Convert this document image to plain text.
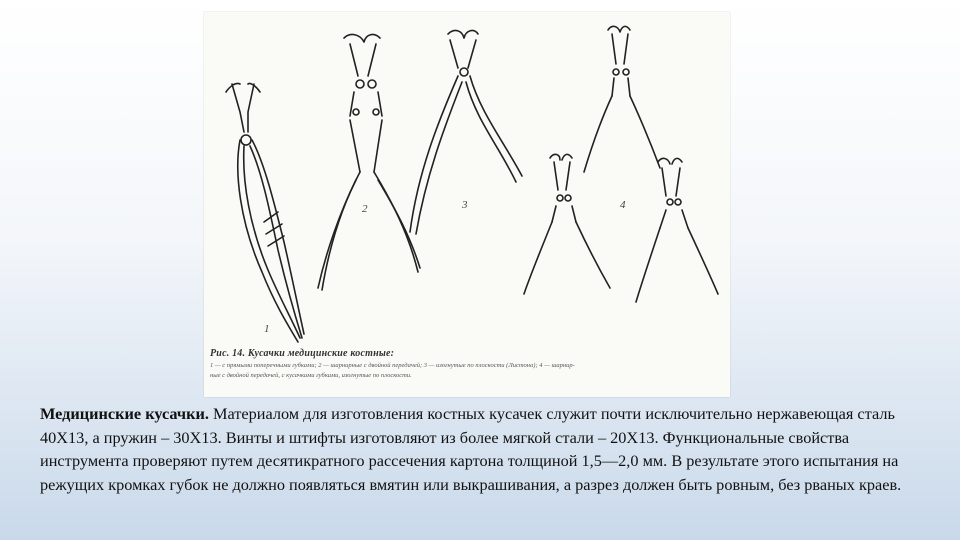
1
2	3	4
Рис. 14. Кусачки медицинские костные:
1 — с прямыми поперечными губками; 2 — шарнирные с двойной передачей; 3 — изогнутые по плоскости (Листона); 4 — шарнир-
ные с двойной передачей, с кусачками губками, изогнутые по плоскости.
Медицинские кусачки. Материалом для изготовления костных кусачек служит почти исключительно нержавеющая сталь 40Х13, а пружин – 30Х13. Винты и штифты изготовляют из более мягкой стали – 20Х13. Функциональные свойства инструмента проверяют путем десятикратного рассечения картона толщиной 1,5—2,0 мм. В результате этого испытания на режущих кромках губок не должно появляться вмятин или выкрашивания, а разрез должен быть ровным, без рваных краев.
